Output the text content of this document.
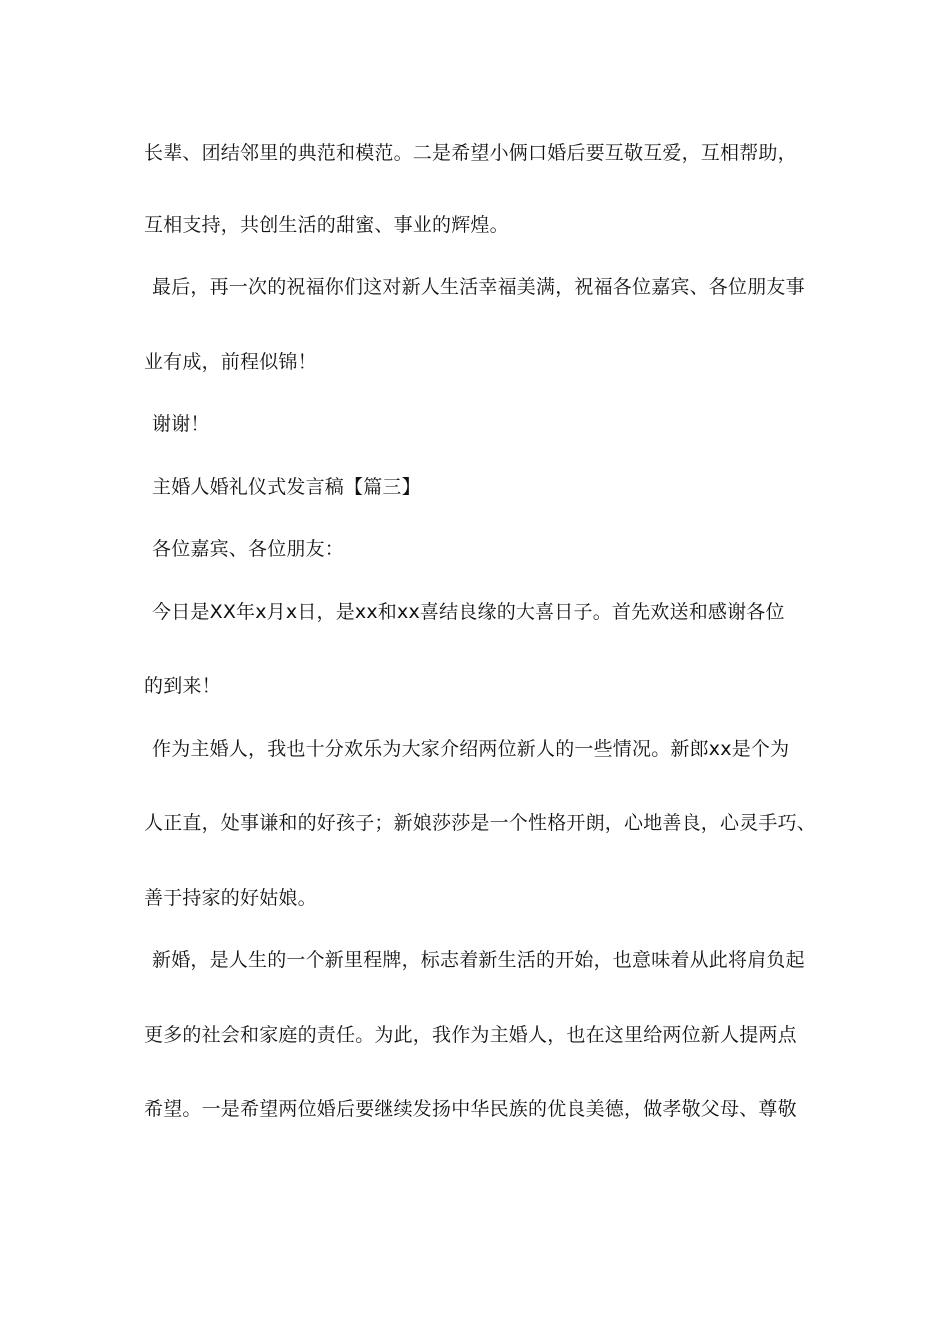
长辈、团结邻里的典范和模范。二是希望小俩口婚后要互敬互爱，互相帮助，
互相支持，共创生活的甜蜜、事业的辉煌。
最后，再一次的祝福你们这对新人生活幸福美满，祝福各位嘉宾、各位朋友事
业有成，前程似锦！
谢谢！
主婚人婚礼仪式发言稿【篇三】
各位嘉宾、各位朋友：
今日是XX年x月x日，是xx和xx喜结良缘的大喜日子。首先欢送和感谢各位
的到来！
作为主婚人，我也十分欢乐为大家介绍两位新人的一些情况。新郎xx是个为
人正直，处事谦和的好孩子；新娘莎莎是一个性格开朗，心地善良，心灵手巧、
善于持家的好姑娘。
新婚，是人生的一个新里程牌，标志着新生活的开始，也意味着从此将肩负起
更多的社会和家庭的责任。为此，我作为主婚人，也在这里给两位新人提两点
希望。一是希望两位婚后要继续发扬中华民族的优良美德，做孝敬父母、尊敬
